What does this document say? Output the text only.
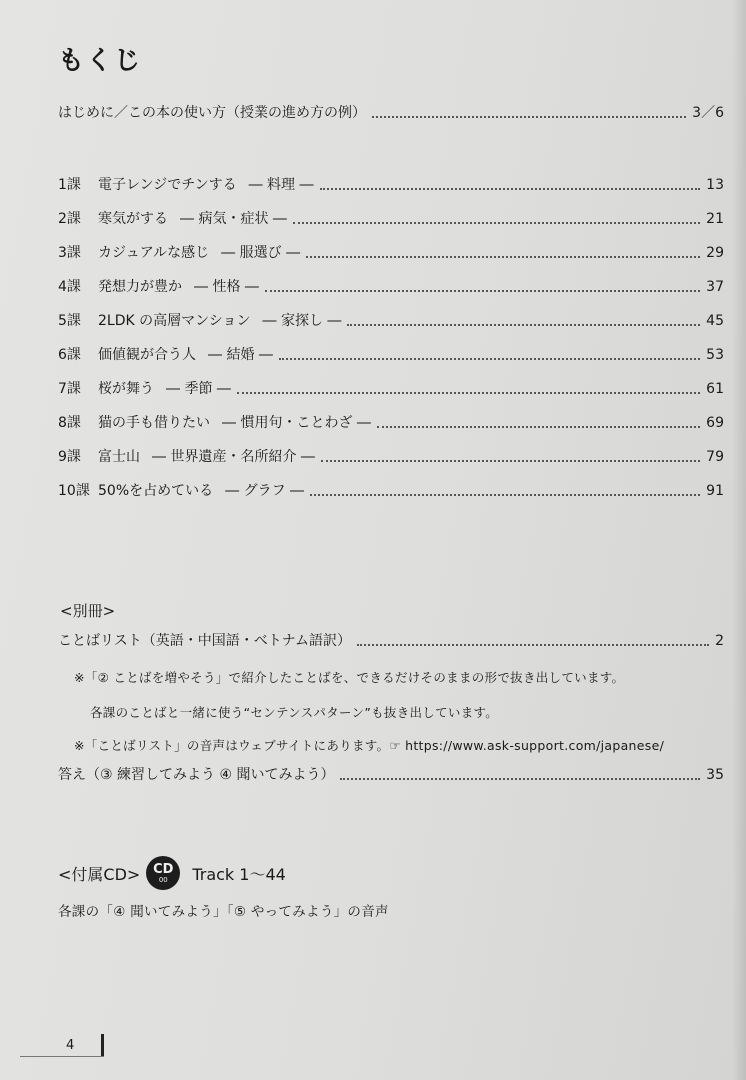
もくじ
はじめに／この本の使い方（授業の進め方の例）	3／6
1課	電子レンジでチンする ― 料理 ―	13
2課	寒気がする ― 病気・症状 ―	21
3課	カジュアルな感じ ― 服選び ―	29
4課	発想力が豊か ― 性格 ―	37
5課	2LDK の高層マンション ― 家探し ―	45
6課	価値観が合う人 ― 結婚 ―	53
7課	桜が舞う ― 季節 ―	61
8課	猫の手も借りたい ― 慣用句・ことわざ ―	69
9課	富士山 ― 世界遺産・名所紹介 ―	79
10課 50%を占めている ― グラフ ―	91
<別冊>
ことばリスト（英語・中国語・ベトナム語訳）	2
※「② ことばを増やそう」で紹介したことばを、できるだけそのままの形で抜き出しています。
各課のことばと一緒に使う“センテンスパターン”も抜き出しています。
※「ことばリスト」の音声はウェブサイトにあります。☞ https://www.ask-support.com/japanese/
答え（③ 練習してみよう ④ 聞いてみよう）	35
<付属CD> CD
00 Track 1～44
各課の「④ 聞いてみよう」「⑤ やってみよう」の音声
4
